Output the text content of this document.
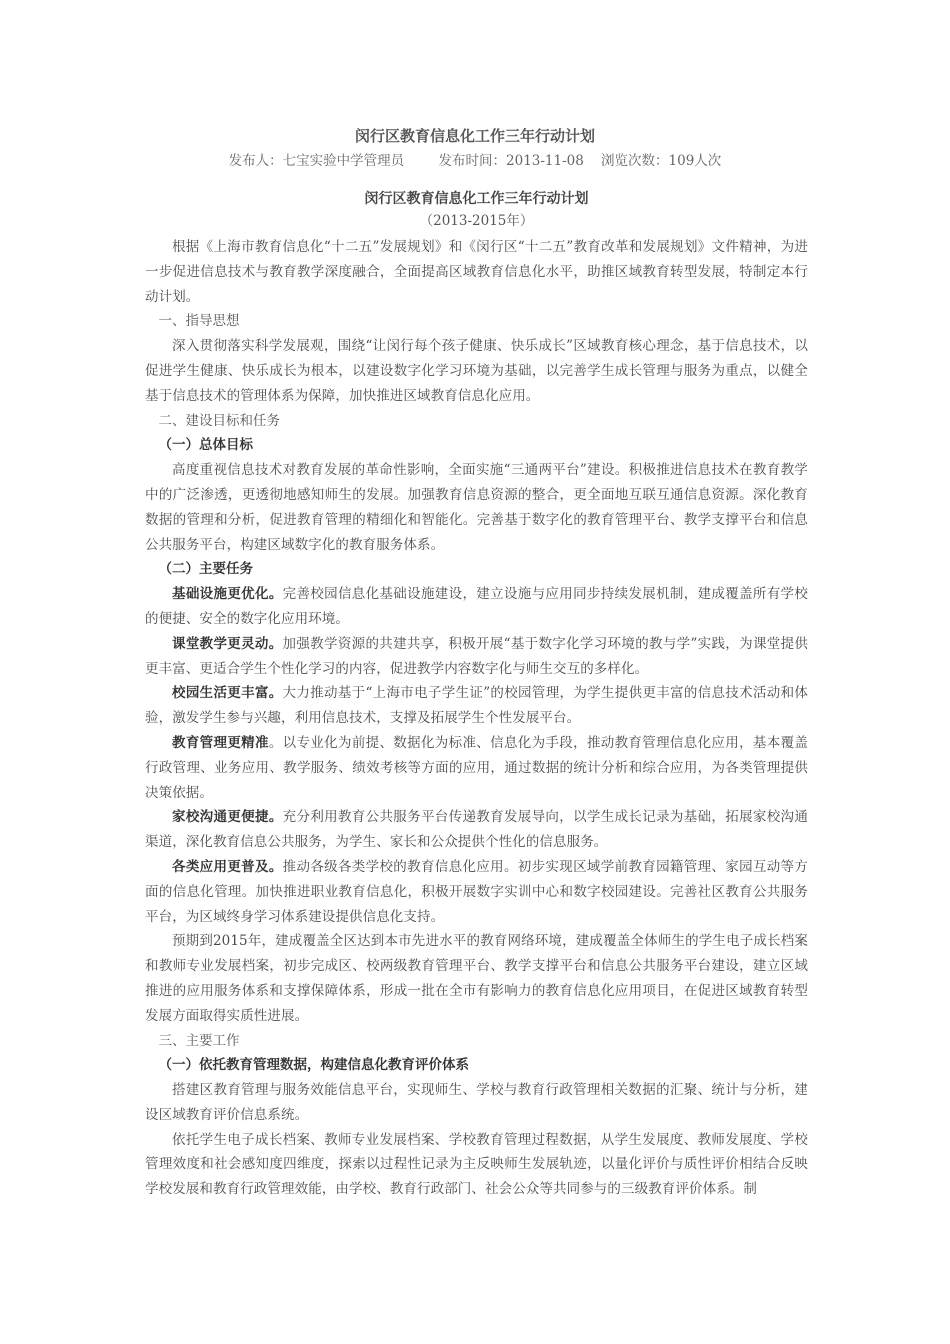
闵行区教育信息化工作三年行动计划
发布人：七宝实验中学管理员	发布时间：2013-11-08 浏览次数：109人次
闵行区教育信息化工作三年行动计划
（2013-2015年）

根据《上海市教育信息化“十二五”发展规划》和《闵行区“十二五”教育改革和发展规划》文件精神，为进一步促进信息技术与教育教学深度融合，全面提高区域教育信息化水平，助推区域教育转型发展，特制定本行动计划。

一、指导思想

深入贯彻落实科学发展观，围绕“让闵行每个孩子健康、快乐成长”区域教育核心理念，基于信息技术，以促进学生健康、快乐成长为根本，以建设数字化学习环境为基础，以完善学生成长管理与服务为重点，以健全基于信息技术的管理体系为保障，加快推进区域教育信息化应用。

二、建设目标和任务
（一）总体目标

高度重视信息技术对教育发展的革命性影响，全面实施“三通两平台”建设。积极推进信息技术在教育教学中的广泛渗透，更透彻地感知师生的发展。加强教育信息资源的整合，更全面地互联互通信息资源。深化教育数据的管理和分析，促进教育管理的精细化和智能化。完善基于数字化的教育管理平台、教学支撑平台和信息公共服务平台，构建区域数字化的教育服务体系。

（二）主要任务

基础设施更优化。完善校园信息化基础设施建设，建立设施与应用同步持续发展机制，建成覆盖所有学校的便捷、安全的数字化应用环境。

课堂教学更灵动。加强教学资源的共建共享，积极开展“基于数字化学习环境的教与学”实践，为课堂提供更丰富、更适合学生个性化学习的内容，促进教学内容数字化与师生交互的多样化。

校园生活更丰富。大力推动基于“上海市电子学生证”的校园管理，为学生提供更丰富的信息技术活动和体验，激发学生参与兴趣，利用信息技术，支撑及拓展学生个性发展平台。

教育管理更精准。以专业化为前提、数据化为标准、信息化为手段，推动教育管理信息化应用，基本覆盖行政管理、业务应用、教学服务、绩效考核等方面的应用，通过数据的统计分析和综合应用，为各类管理提供决策依据。

家校沟通更便捷。充分利用教育公共服务平台传递教育发展导向，以学生成长记录为基础，拓展家校沟通渠道，深化教育信息公共服务，为学生、家长和公众提供个性化的信息服务。

各类应用更普及。推动各级各类学校的教育信息化应用。初步实现区域学前教育园籍管理、家园互动等方面的信息化管理。加快推进职业教育信息化，积极开展数字实训中心和数字校园建设。完善社区教育公共服务平台，为区域终身学习体系建设提供信息化支持。

预期到2015年，建成覆盖全区达到本市先进水平的教育网络环境，建成覆盖全体师生的学生电子成长档案和教师专业发展档案，初步完成区、校两级教育管理平台、教学支撑平台和信息公共服务平台建设，建立区域推进的应用服务体系和支撑保障体系，形成一批在全市有影响力的教育信息化应用项目，在促进区域教育转型发展方面取得实质性进展。

三、主要工作
（一）依托教育管理数据，构建信息化教育评价体系

搭建区教育管理与服务效能信息平台，实现师生、学校与教育行政管理相关数据的汇聚、统计与分析，建设区域教育评价信息系统。

依托学生电子成长档案、教师专业发展档案、学校教育管理过程数据，从学生发展度、教师发展度、学校管理效度和社会感知度四维度，探索以过程性记录为主反映师生发展轨迹，以量化评价与质性评价相结合反映学校发展和教育行政管理效能，由学校、教育行政部门、社会公众等共同参与的三级教育评价体系。制
